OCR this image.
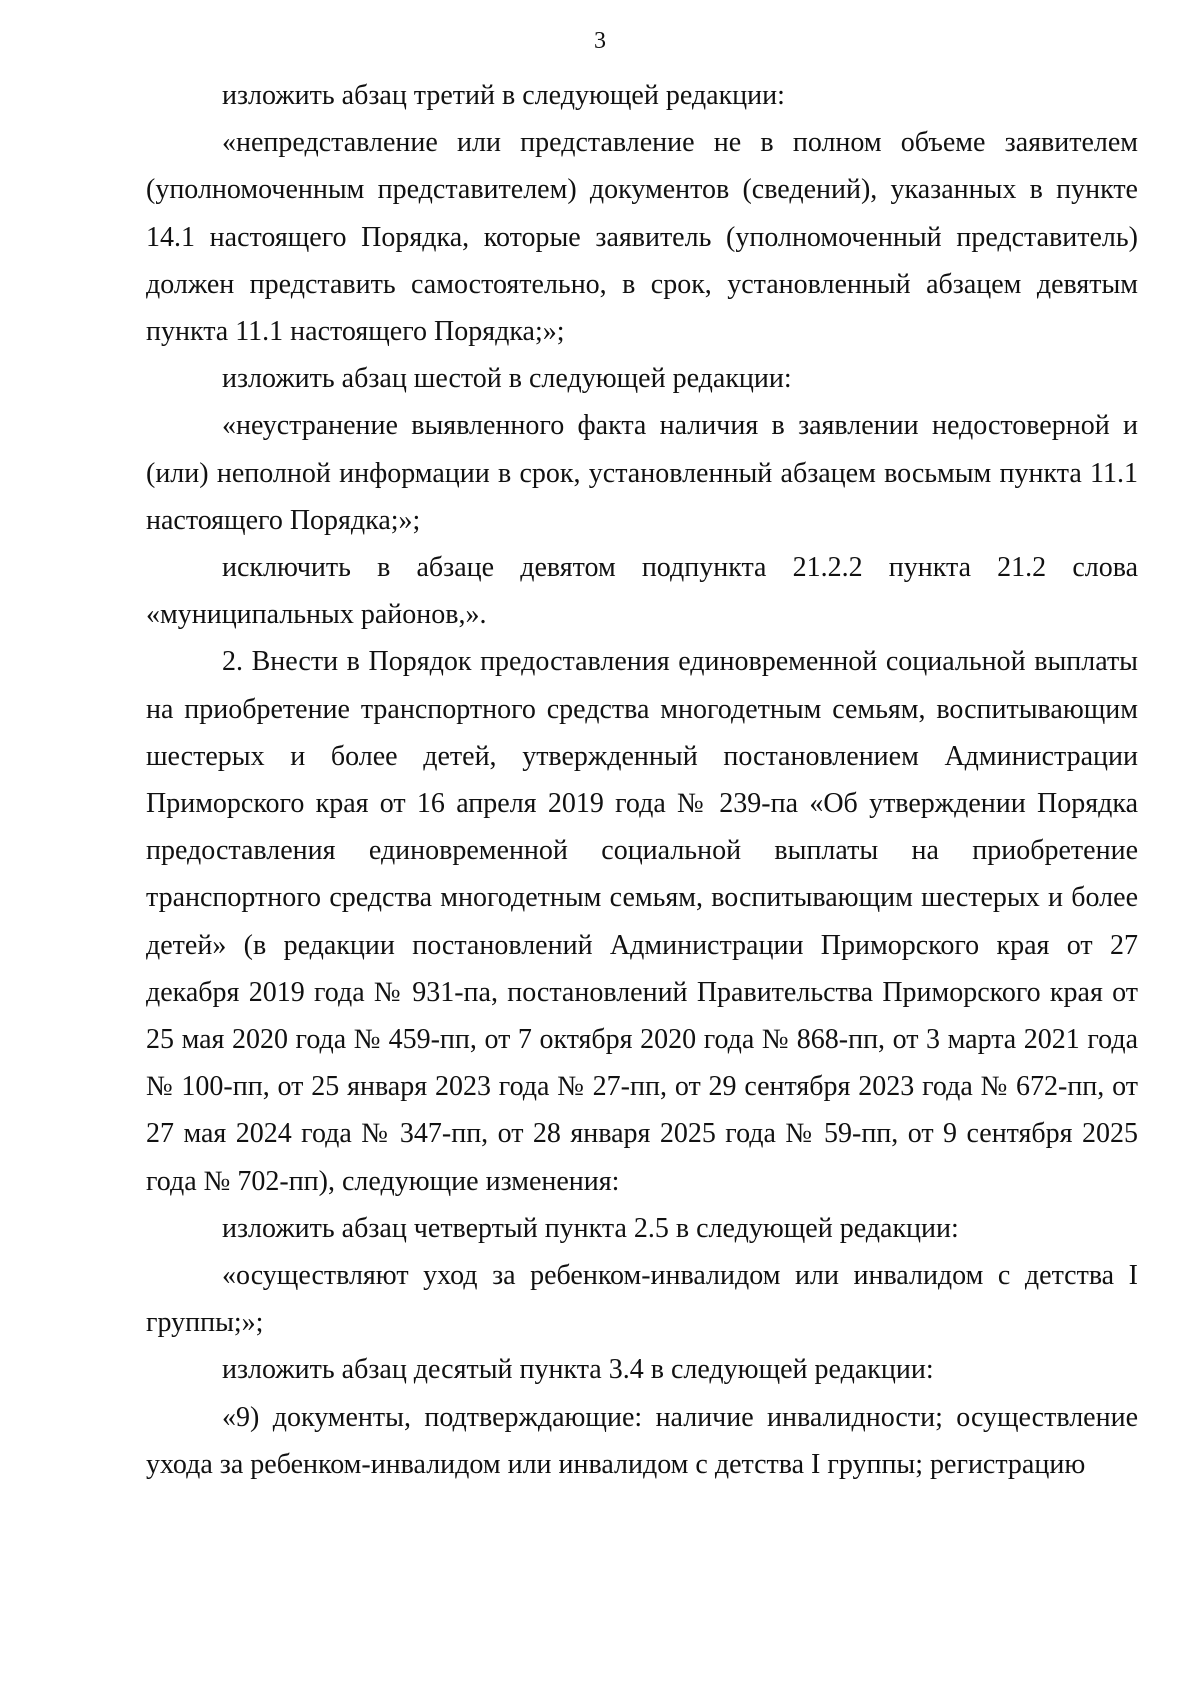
3

изложить абзац третий в следующей редакции:

«непредставление или представление не в полном объеме заявителем (уполномоченным представителем) документов (сведений), указанных в пункте 14.1 настоящего Порядка, которые заявитель (уполномоченный представитель) должен представить самостоятельно, в срок, установленный абзацем девятым пункта 11.1 настоящего Порядка;»;

изложить абзац шестой в следующей редакции:

«неустранение выявленного факта наличия в заявлении недостоверной и (или) неполной информации в срок, установленный абзацем восьмым пункта 11.1 настоящего Порядка;»;

исключить в абзаце девятом подпункта 21.2.2 пункта 21.2 слова «муниципальных районов,».

2. Внести в Порядок предоставления единовременной социальной выплаты на приобретение транспортного средства многодетным семьям, воспитывающим шестерых и более детей, утвержденный постановлением Администрации Приморского края от 16 апреля 2019 года № 239-па «Об утверждении Порядка предоставления единовременной социальной выплаты на приобретение транспортного средства многодетным семьям, воспитывающим шестерых и более детей» (в редакции постановлений Администрации Приморского края от 27 декабря 2019 года № 931-па, постановлений Правительства Приморского края от 25 мая 2020 года № 459-пп, от 7 октября 2020 года № 868-пп, от 3 марта 2021 года № 100-пп, от 25 января 2023 года № 27-пп, от 29 сентября 2023 года № 672-пп, от 27 мая 2024 года № 347-пп, от 28 января 2025 года № 59-пп, от 9 сентября 2025 года № 702-пп), следующие изменения:

изложить абзац четвертый пункта 2.5 в следующей редакции:

«осуществляют уход за ребенком-инвалидом или инвалидом с детства I группы;»;

изложить абзац десятый пункта 3.4 в следующей редакции:

«9) документы, подтверждающие: наличие инвалидности; осуществление ухода за ребенком-инвалидом или инвалидом с детства I группы; регистрацию
